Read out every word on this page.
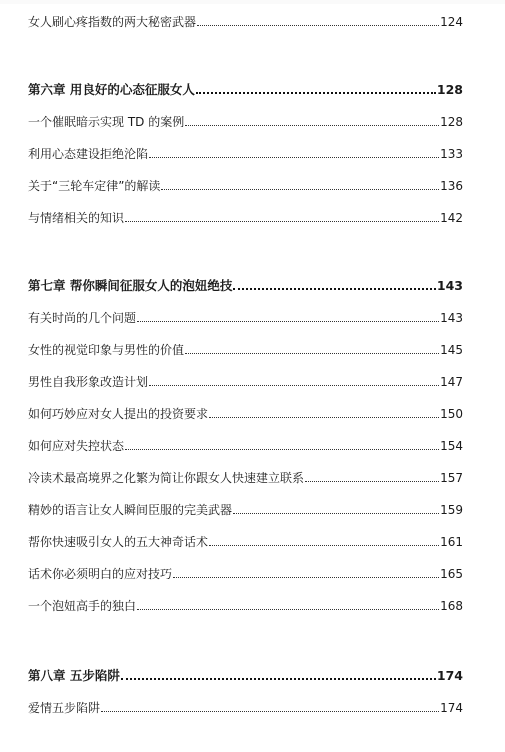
女人刷心疼指数的两大秘密武器	124
第六章 用良好的心态征服女人	128
一个催眠暗示实现 TD 的案例	128
利用心态建设拒绝沦陷	133
关于“三轮车定律”的解读	136
与情绪相关的知识	142
第七章 帮你瞬间征服女人的泡妞绝技	143
有关时尚的几个问题	143
女性的视觉印象与男性的价值	145
男性自我形象改造计划	147
如何巧妙应对女人提出的投资要求	150
如何应对失控状态	154
冷读术最高境界之化繁为简让你跟女人快速建立联系	157
精妙的语言让女人瞬间臣服的完美武器	159
帮你快速吸引女人的五大神奇话术	161
话术你必须明白的应对技巧	165
一个泡妞高手的独白	168
第八章 五步陷阱	174
爱情五步陷阱	174
